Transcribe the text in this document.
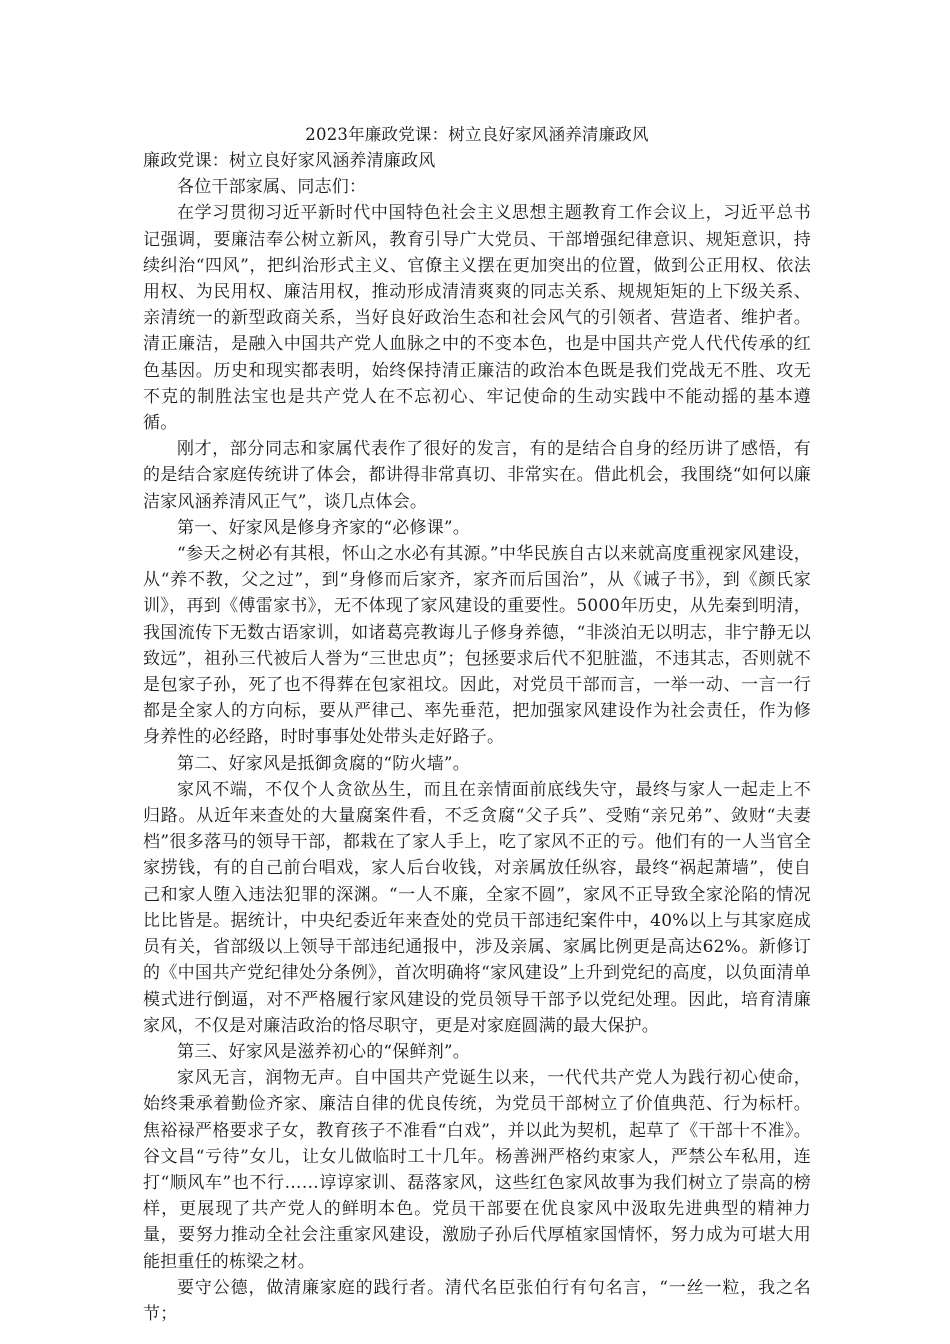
2023年廉政党课：树立良好家风涵养清廉政风

廉政党课：树立良好家风涵养清廉政风

各位干部家属、同志们：

在学习贯彻习近平新时代中国特色社会主义思想主题教育工作会议上，习近平总书记强调，要廉洁奉公树立新风，教育引导广大党员、干部增强纪律意识、规矩意识，持续纠治“四风”，把纠治形式主义、官僚主义摆在更加突出的位置，做到公正用权、依法用权、为民用权、廉洁用权，推动形成清清爽爽的同志关系、规规矩矩的上下级关系、亲清统一的新型政商关系，当好良好政治生态和社会风气的引领者、营造者、维护者。清正廉洁，是融入中国共产党人血脉之中的不变本色，也是中国共产党人代代传承的红色基因。历史和现实都表明，始终保持清正廉洁的政治本色既是我们党战无不胜、攻无不克的制胜法宝也是共产党人在不忘初心、牢记使命的生动实践中不能动摇的基本遵循。

刚才，部分同志和家属代表作了很好的发言，有的是结合自身的经历讲了感悟，有的是结合家庭传统讲了体会，都讲得非常真切、非常实在。借此机会，我围绕“如何以廉洁家风涵养清风正气”，谈几点体会。

第一、好家风是修身齐家的“必修课”。

“参天之树必有其根，怀山之水必有其源。”中华民族自古以来就高度重视家风建设，从“养不教，父之过”，到“身修而后家齐，家齐而后国治”，从《诫子书》，到《颜氏家训》，再到《傅雷家书》，无不体现了家风建设的重要性。5000年历史，从先秦到明清，我国流传下无数古语家训，如诸葛亮教诲儿子修身养德，“非淡泊无以明志，非宁静无以致远”，祖孙三代被后人誉为“三世忠贞”；包拯要求后代不犯脏滥，不违其志，否则就不是包家子孙，死了也不得葬在包家祖坟。因此，对党员干部而言，一举一动、一言一行都是全家人的方向标，要从严律己、率先垂范，把加强家风建设作为社会责任，作为修身养性的必经路，时时事事处处带头走好路子。

第二、好家风是抵御贪腐的“防火墙”。

家风不端，不仅个人贪欲丛生，而且在亲情面前底线失守，最终与家人一起走上不归路。从近年来查处的大量腐案件看，不乏贪腐“父子兵”、受贿“亲兄弟”、敛财“夫妻档”很多落马的领导干部，都栽在了家人手上，吃了家风不正的亏。他们有的一人当官全家捞钱，有的自己前台唱戏，家人后台收钱，对亲属放任纵容，最终“祸起萧墙”，使自己和家人堕入违法犯罪的深渊。“一人不廉，全家不圆”，家风不正导致全家沦陷的情况比比皆是。据统计，中央纪委近年来查处的党员干部违纪案件中，40%以上与其家庭成员有关，省部级以上领导干部违纪通报中，涉及亲属、家属比例更是高达62%。新修订的《中国共产党纪律处分条例》，首次明确将“家风建设”上升到党纪的高度，以负面清单模式进行倒逼，对不严格履行家风建设的党员领导干部予以党纪处理。因此，培育清廉家风，不仅是对廉洁政治的恪尽职守，更是对家庭圆满的最大保护。

第三、好家风是滋养初心的“保鲜剂”。

家风无言，润物无声。自中国共产党诞生以来，一代代共产党人为践行初心使命，始终秉承着勤俭齐家、廉洁自律的优良传统，为党员干部树立了价值典范、行为标杆。焦裕禄严格要求子女，教育孩子不准看“白戏”，并以此为契机，起草了《干部十不准》。谷文昌“亏待”女儿，让女儿做临时工十几年。杨善洲严格约束家人，严禁公车私用，连打“顺风车”也不行……谆谆家训、磊落家风，这些红色家风故事为我们树立了崇高的榜样，更展现了共产党人的鲜明本色。党员干部要在优良家风中汲取先进典型的精神力量，要努力推动全社会注重家风建设，激励子孙后代厚植家国情怀，努力成为可堪大用能担重任的栋梁之材。

要守公德，做清廉家庭的践行者。清代名臣张伯行有句名言，“一丝一粒，我之名节；
